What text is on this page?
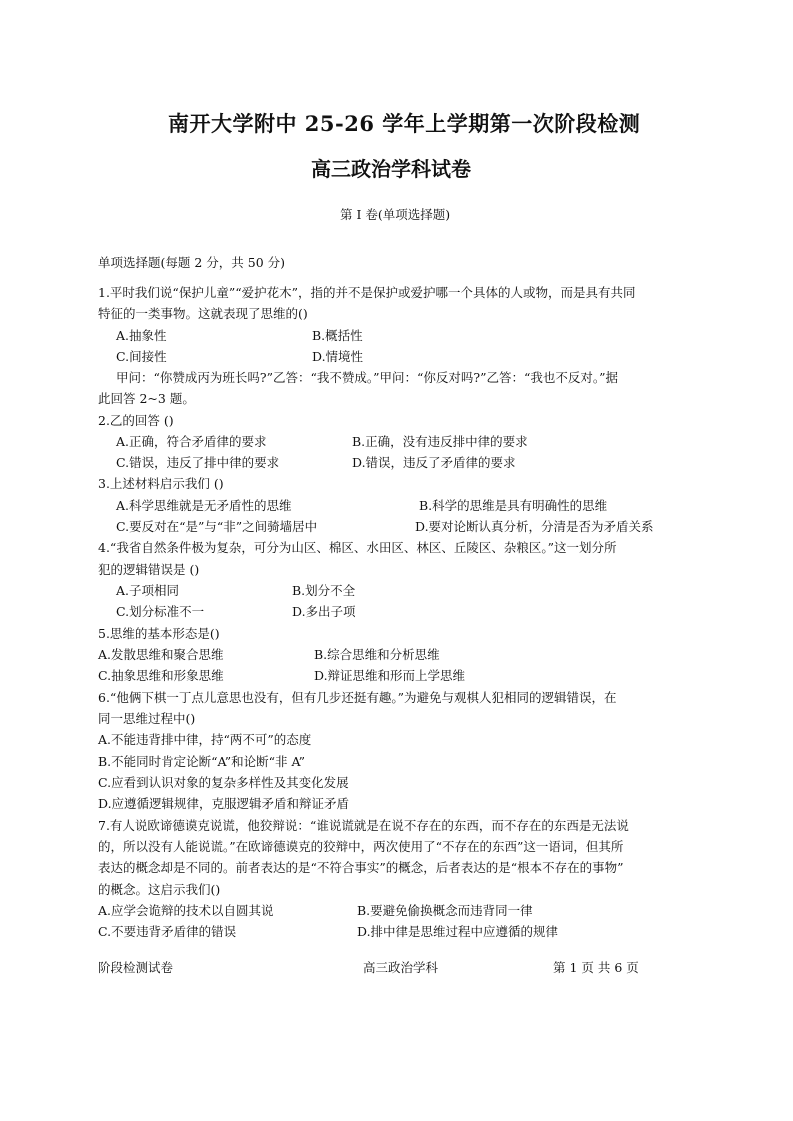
南开大学附中 25-26 学年上学期第一次阶段检测
高三政治学科试卷
第 I 卷(单项选择题)
单项选择题(每题 2 分，共 50 分)
1.平时我们说“保护儿童”“爱护花木”，指的并不是保护或爱护哪一个具体的人或物，而是具有共同
特征的一类事物。这就表现了思维的()
A.抽象性	B.概括性
C.间接性	D.情境性
甲问：“你赞成丙为班长吗?”乙答：“我不赞成。”甲问：“你反对吗?”乙答：“我也不反对。”据
此回答 2~3 题。
2.乙的回答 ()
A.正确，符合矛盾律的要求	B.正确，没有违反排中律的要求
C.错误，违反了排中律的要求	D.错误，违反了矛盾律的要求
3.上述材料启示我们 ()
A.科学思维就是无矛盾性的思维	B.科学的思维是具有明确性的思维
C.要反对在“是”与“非”之间骑墙居中	D.要对论断认真分析，分清是否为矛盾关系
4.“我省自然条件极为复杂，可分为山区、棉区、水田区、林区、丘陵区、杂粮区。”这一划分所
犯的逻辑错误是 ()
A.子项相同	B.划分不全
C.划分标准不一	D.多出子项
5.思维的基本形态是()
A.发散思维和聚合思维	B.综合思维和分析思维
C.抽象思维和形象思维	D.辩证思维和形而上学思维
6.“他俩下棋一丁点儿意思也没有，但有几步还挺有趣。”为避免与观棋人犯相同的逻辑错误，在
同一思维过程中()
A.不能违背排中律，持“两不可”的态度
B.不能同时肯定论断“A”和论断“非 A”
C.应看到认识对象的复杂多样性及其变化发展
D.应遵循逻辑规律，克服逻辑矛盾和辩证矛盾
7.有人说欧谛德谟克说谎，他狡辩说：“谁说谎就是在说不存在的东西，而不存在的东西是无法说
的，所以没有人能说谎。”在欧谛德谟克的狡辩中，两次使用了“不存在的东西”这一语词，但其所
表达的概念却是不同的。前者表达的是“不符合事实”的概念，后者表达的是“根本不存在的事物”
的概念。这启示我们()
A.应学会诡辩的技术以自圆其说	B.要避免偷换概念而违背同一律
C.不要违背矛盾律的错误	D.排中律是思维过程中应遵循的规律
阶段检测试卷	高三政治学科	第 1 页 共 6 页
